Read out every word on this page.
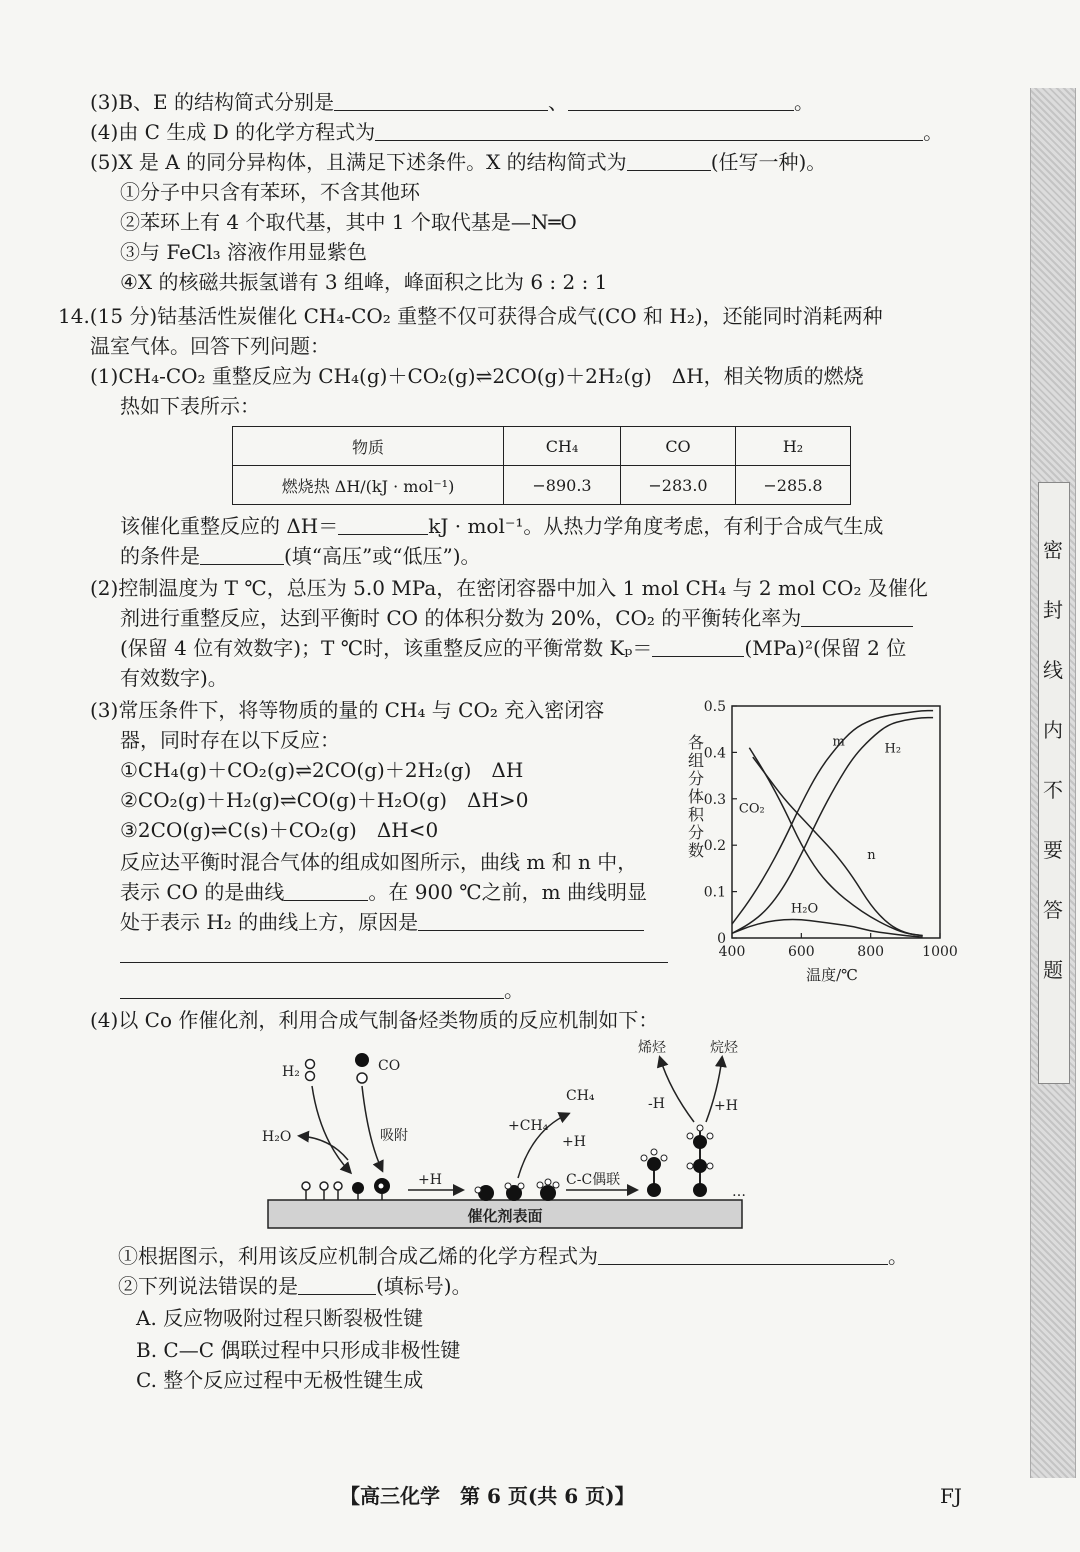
(3)B、E 的结构简式分别是	、	。
(4)由 C 生成 D 的化学方程式为	。
(5)X 是 A 的同分异构体，且满足下述条件。X 的结构简式为	(任写一种)。
①分子中只含有苯环，不含其他环
②苯环上有 4 个取代基，其中 1 个取代基是—N═O
③与 FeCl₃ 溶液作用显紫色
④X 的核磁共振氢谱有 3 组峰，峰面积之比为 6 : 2 : 1
14.(15 分)钴基活性炭催化 CH₄-CO₂ 重整不仅可获得合成气(CO 和 H₂)，还能同时消耗两种
温室气体。回答下列问题：
(1)CH₄-CO₂ 重整反应为 CH₄(g)＋CO₂(g)⇌2CO(g)＋2H₂(g)　ΔH，相关物质的燃烧
热如下表所示：
物质	CH₄	CO	H₂
燃烧热 ΔH/(kJ · mol⁻¹)	−890.3	−283.0	−285.8
该催化重整反应的 ΔH＝	kJ · mol⁻¹。从热力学角度考虑，有利于合成气生成
的条件是	(填“高压”或“低压”)。
(2)控制温度为 T ℃，总压为 5.0 MPa，在密闭容器中加入 1 mol CH₄ 与 2 mol CO₂ 及催化
剂进行重整反应，达到平衡时 CO 的体积分数为 20%，CO₂ 的平衡转化率为
(保留 4 位有效数字)；T ℃时，该重整反应的平衡常数 Kₚ＝	(MPa)²(保留 2 位
有效数字)。
(3)常压条件下，将等物质的量的 CH₄ 与 CO₂ 充入密闭容
器，同时存在以下反应：
①CH₄(g)＋CO₂(g)⇌2CO(g)＋2H₂(g)　ΔH
②CO₂(g)＋H₂(g)⇌CO(g)＋H₂O(g)　ΔH>0
③2CO(g)⇌C(s)＋CO₂(g)　ΔH<0
反应达平衡时混合气体的组成如图所示，曲线 m 和 n 中，
表示 CO 的是曲线	。在 900 ℃之前，m 曲线明显
处于表示 H₂ 的曲线上方，原因是
。
0
0.1
0.2
0.3
0.4
0.5
400	600	800	1000
m	H₂
CO₂
n
H₂O
各组分体积分数
温度/℃
(4)以 Co 作催化剂，利用合成气制备烃类物质的反应机制如下：
催化剂表面
H₂	CO
吸附
H₂O
+H
CH₄
+CH₄
+H
C-C偶联
…
烯烃	烷烃
-H	+H
①根据图示，利用该反应机制合成乙烯的化学方程式为	。
②下列说法错误的是	(填标号)。
A. 反应物吸附过程只断裂极性键
B. C—C 偶联过程中只形成非极性键
C. 整个反应过程中无极性键生成
【高三化学　第 6 页(共 6 页)】	FJ
密
封
线
内
不
要
答
题
